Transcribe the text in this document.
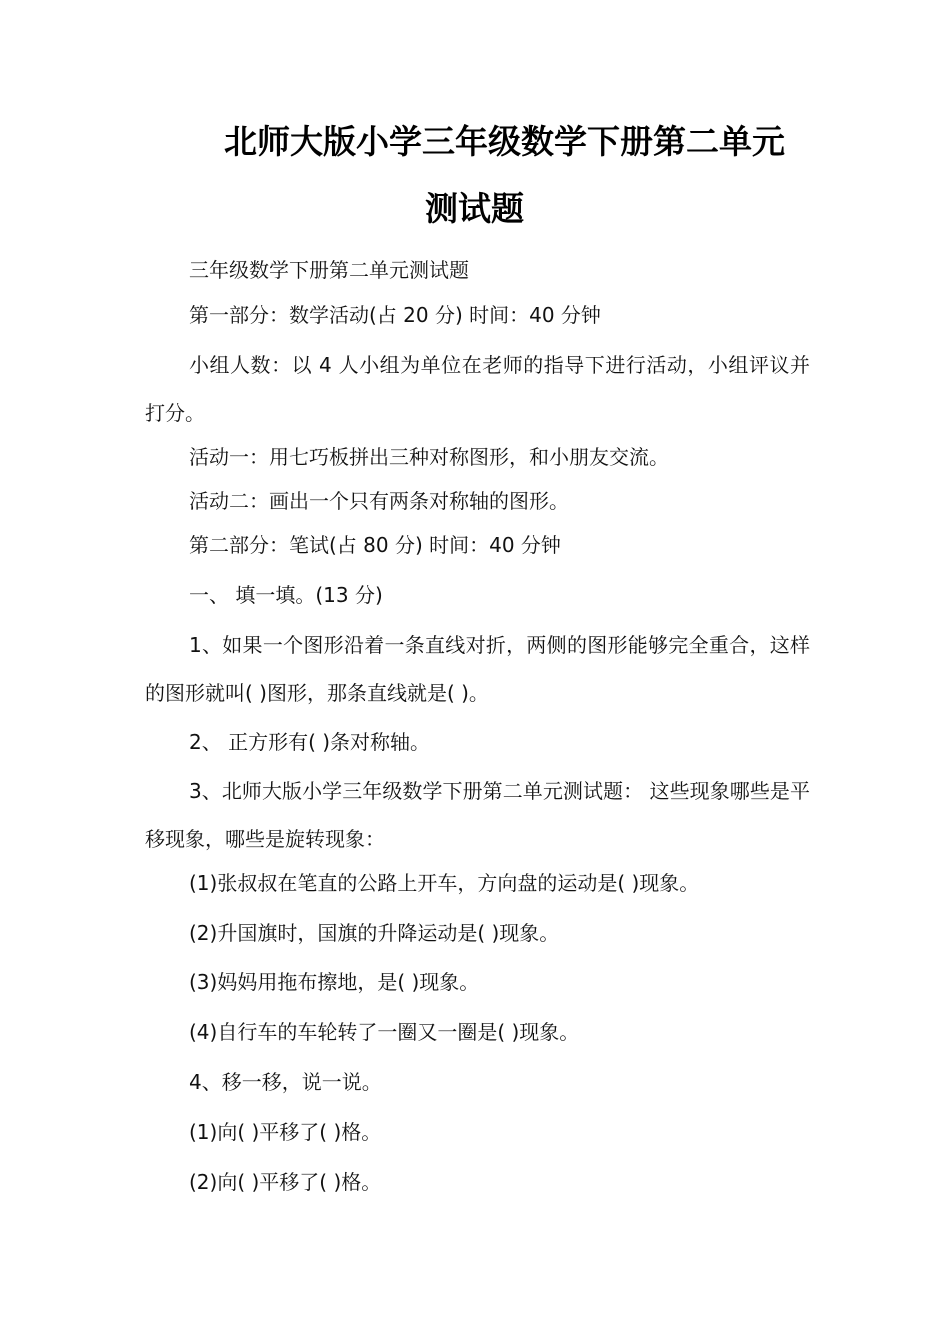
北师大版小学三年级数学下册第二单元
测试题
三年级数学下册第二单元测试题
第一部分：数学活动(占 20 分) 时间：40 分钟
小组人数：以 4 人小组为单位在老师的指导下进行活动，小组评议并打分。
活动一：用七巧板拼出三种对称图形，和小朋友交流。
活动二：画出一个只有两条对称轴的图形。
第二部分：笔试(占 80 分) 时间：40 分钟
一、 填一填。(13 分)
1、如果一个图形沿着一条直线对折，两侧的图形能够完全重合，这样的图形就叫( )图形，那条直线就是( )。
2、 正方形有( )条对称轴。
3、北师大版小学三年级数学下册第二单元测试题： 这些现象哪些是平移现象，哪些是旋转现象：
(1)张叔叔在笔直的公路上开车，方向盘的运动是( )现象。
(2)升国旗时，国旗的升降运动是( )现象。
(3)妈妈用拖布擦地，是( )现象。
(4)自行车的车轮转了一圈又一圈是( )现象。
4、移一移，说一说。
(1)向( )平移了( )格。
(2)向( )平移了( )格。
